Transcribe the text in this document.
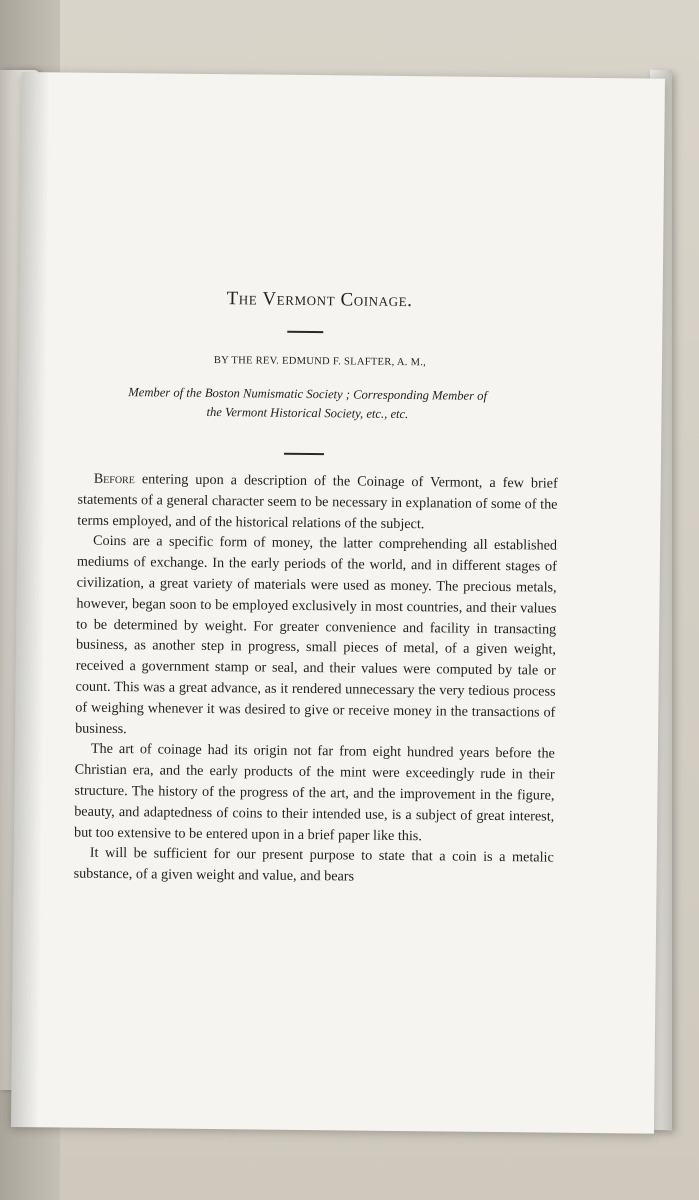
The Vermont Coinage.
BY THE REV. EDMUND F. SLAFTER, A. M.,
Member of the Boston Numismatic Society ; Corresponding Member of
the Vermont Historical Society, etc., etc.

Before entering upon a description of the Coinage of Vermont, a few brief statements of a general character seem to be necessary in explanation of some of the terms employed, and of the historical relations of the subject.

Coins are a specific form of money, the latter comprehending all established mediums of exchange. In the early periods of the world, and in different stages of civilization, a great variety of materials were used as money. The precious metals, however, began soon to be employed exclusively in most countries, and their values to be determined by weight. For greater convenience and facility in transacting business, as another step in progress, small pieces of metal, of a given weight, received a government stamp or seal, and their values were computed by tale or count. This was a great advance, as it rendered unnecessary the very tedious process of weighing whenever it was desired to give or receive money in the transactions of business.

The art of coinage had its origin not far from eight hundred years before the Christian era, and the early products of the mint were exceedingly rude in their structure. The history of the progress of the art, and the improvement in the figure, beauty, and adaptedness of coins to their intended use, is a subject of great interest, but too extensive to be entered upon in a brief paper like this.

It will be sufficient for our present purpose to state that a coin is a metalic substance, of a given weight and value, and bears
